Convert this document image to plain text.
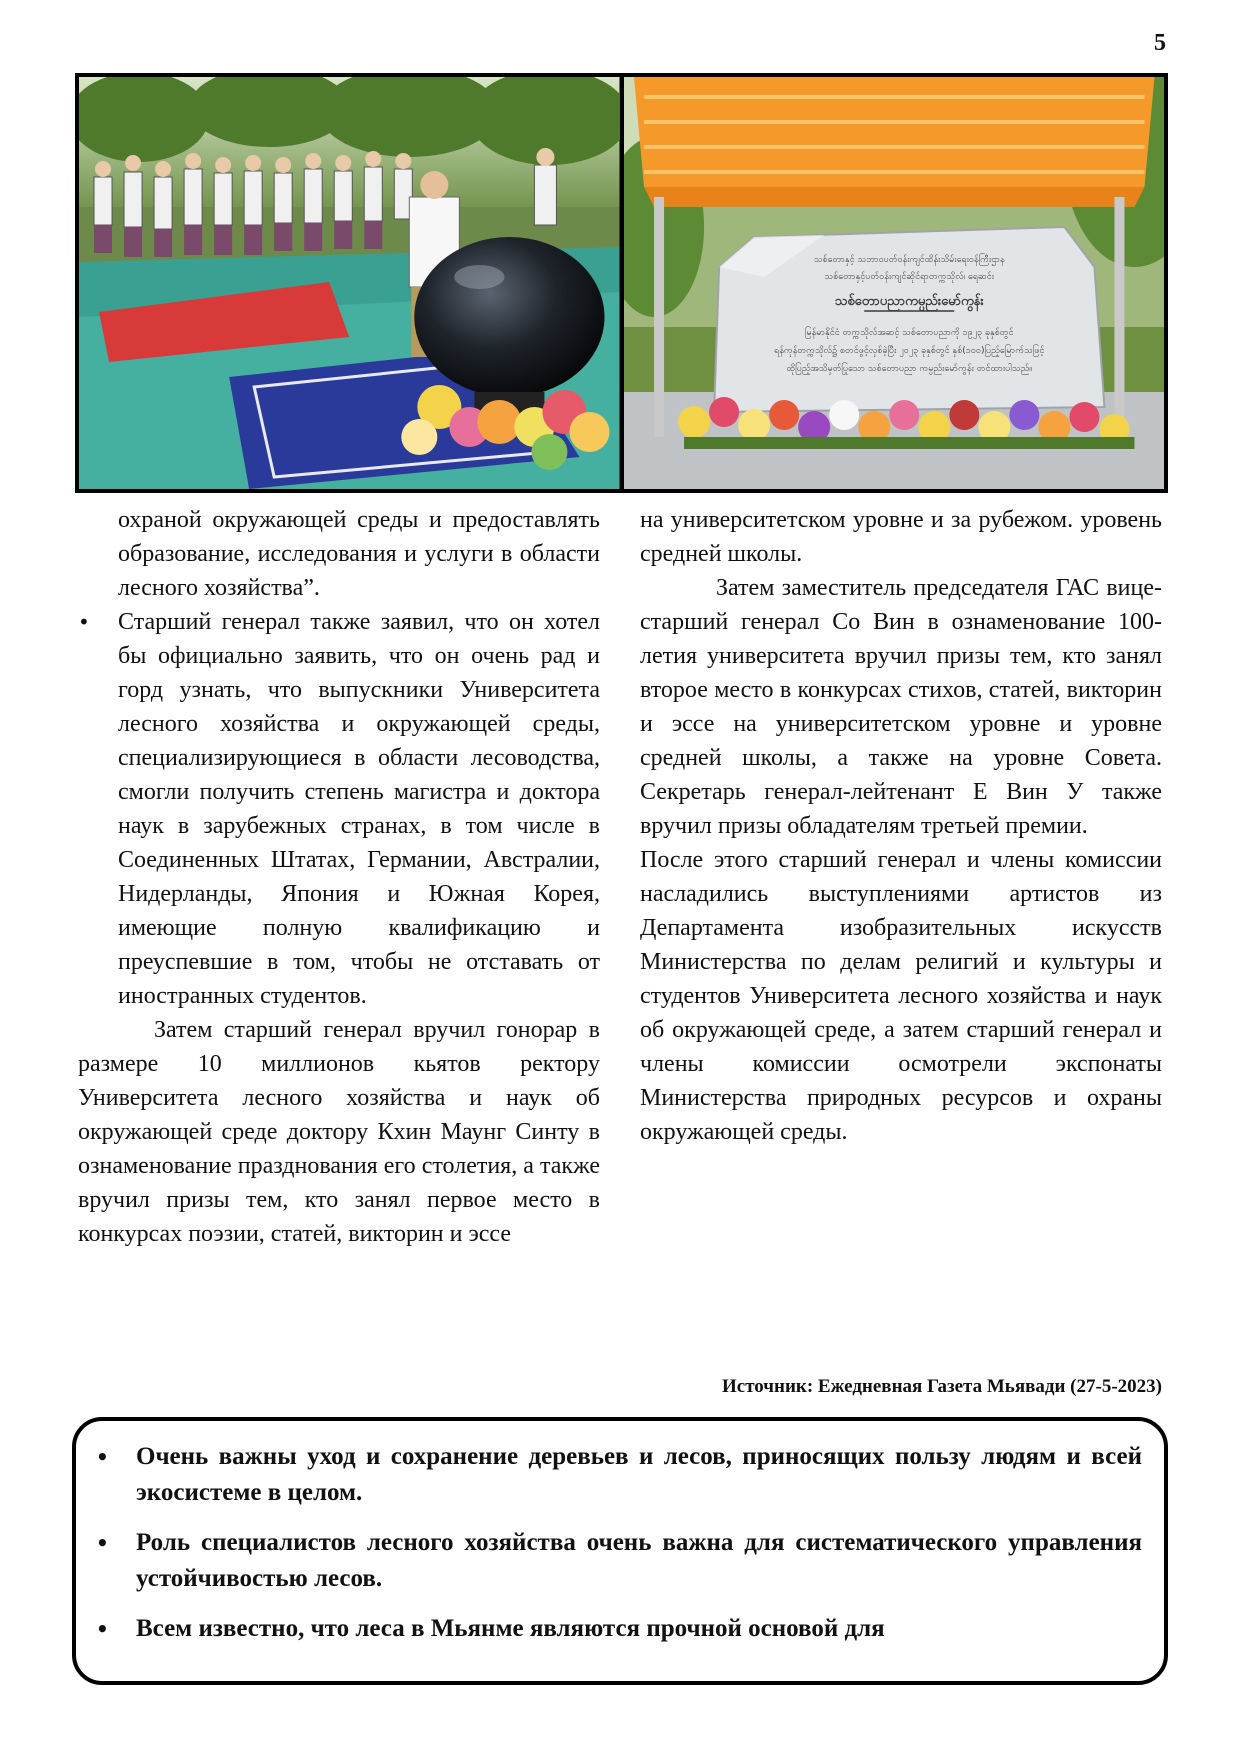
5
သစ်တောနှင့် သဘာဝပတ်ဝန်းကျင်ထိန်းသိမ်းရေးဝန်ကြီးဌာန
သစ်တောနှင့်ပတ်ဝန်းကျင်ဆိုင်ရာတက္ကသိုလ်၊ ရေဆင်း
သစ်တောပညာကမ္ပည်းမော်ကွန်း
မြန်မာနိုင်ငံ တက္ကသိုလ်အဆင့် သစ်တောပညာကို ၁၉၂၃ ခုနှစ်တွင်
ရန်ကုန်တက္ကသိုလ်၌ စတင်ဖွင့်လှစ်ခဲ့ပြီး ၂၀၂၃ ခုနှစ်တွင် နှစ်(၁၀၀)ပြည့်မြောက်သဖြင့်
ထိုပြည့်အသိမှတ်ပြုသော သစ်တောပညာ ကမ္ပည်းမော်ကွန်း တင်ထားပါသည်။

охраной окружающей среды и предоставлять образование, исследования и услуги в области лесного хозяйства”.

• Старший генерал также заявил, что он хотел бы официально заявить, что он очень рад и горд узнать, что выпускники Университета лесного хозяйства и окружающей среды, специализирующиеся в области лесоводства, смогли получить степень магистра и доктора наук в зарубежных странах, в том числе в Соединенных Штатах, Германии, Австралии, Нидерланды, Япония и Южная Корея, имеющие полную квалификацию и преуспевшие в том, чтобы не отставать от иностранных студентов.

Затем старший генерал вручил гонорар в размере 10 миллионов кьятов ректору Университета лесного хозяйства и наук об окружающей среде доктору Кхин Маунг Синту в ознаменование празднования его столетия, а также вручил призы тем, кто занял первое место в конкурсах поэзии, статей, викторин и эссе

на университетском уровне и за рубежом. уровень средней школы.

Затем заместитель председателя ГАС вице-старший генерал Со Вин в ознаменование 100-летия университета вручил призы тем, кто занял второе место в конкурсах стихов, статей, викторин и эссе на университетском уровне и уровне средней школы, а также на уровне Совета. Секретарь генерал-лейтенант Е Вин У также вручил призы обладателям третьей премии.

После этого старший генерал и члены комиссии насладились выступлениями артистов из Департамента изобразительных искусств Министерства по делам религий и культуры и студентов Университета лесного хозяйства и наук об окружающей среде, а затем старший генерал и члены комиссии осмотрели экспонаты Министерства природных ресурсов и охраны окружающей среды.

Источник: Ежедневная Газета Мьявади (27-5-2023)
• Очень важны уход и сохранение деревьев и лесов, приносящих пользу людям и всей экосистеме в целом.
• Роль специалистов лесного хозяйства очень важна для систематического управления устойчивостью лесов.
• Всем известно, что леса в Мьянме являются прочной основой для
